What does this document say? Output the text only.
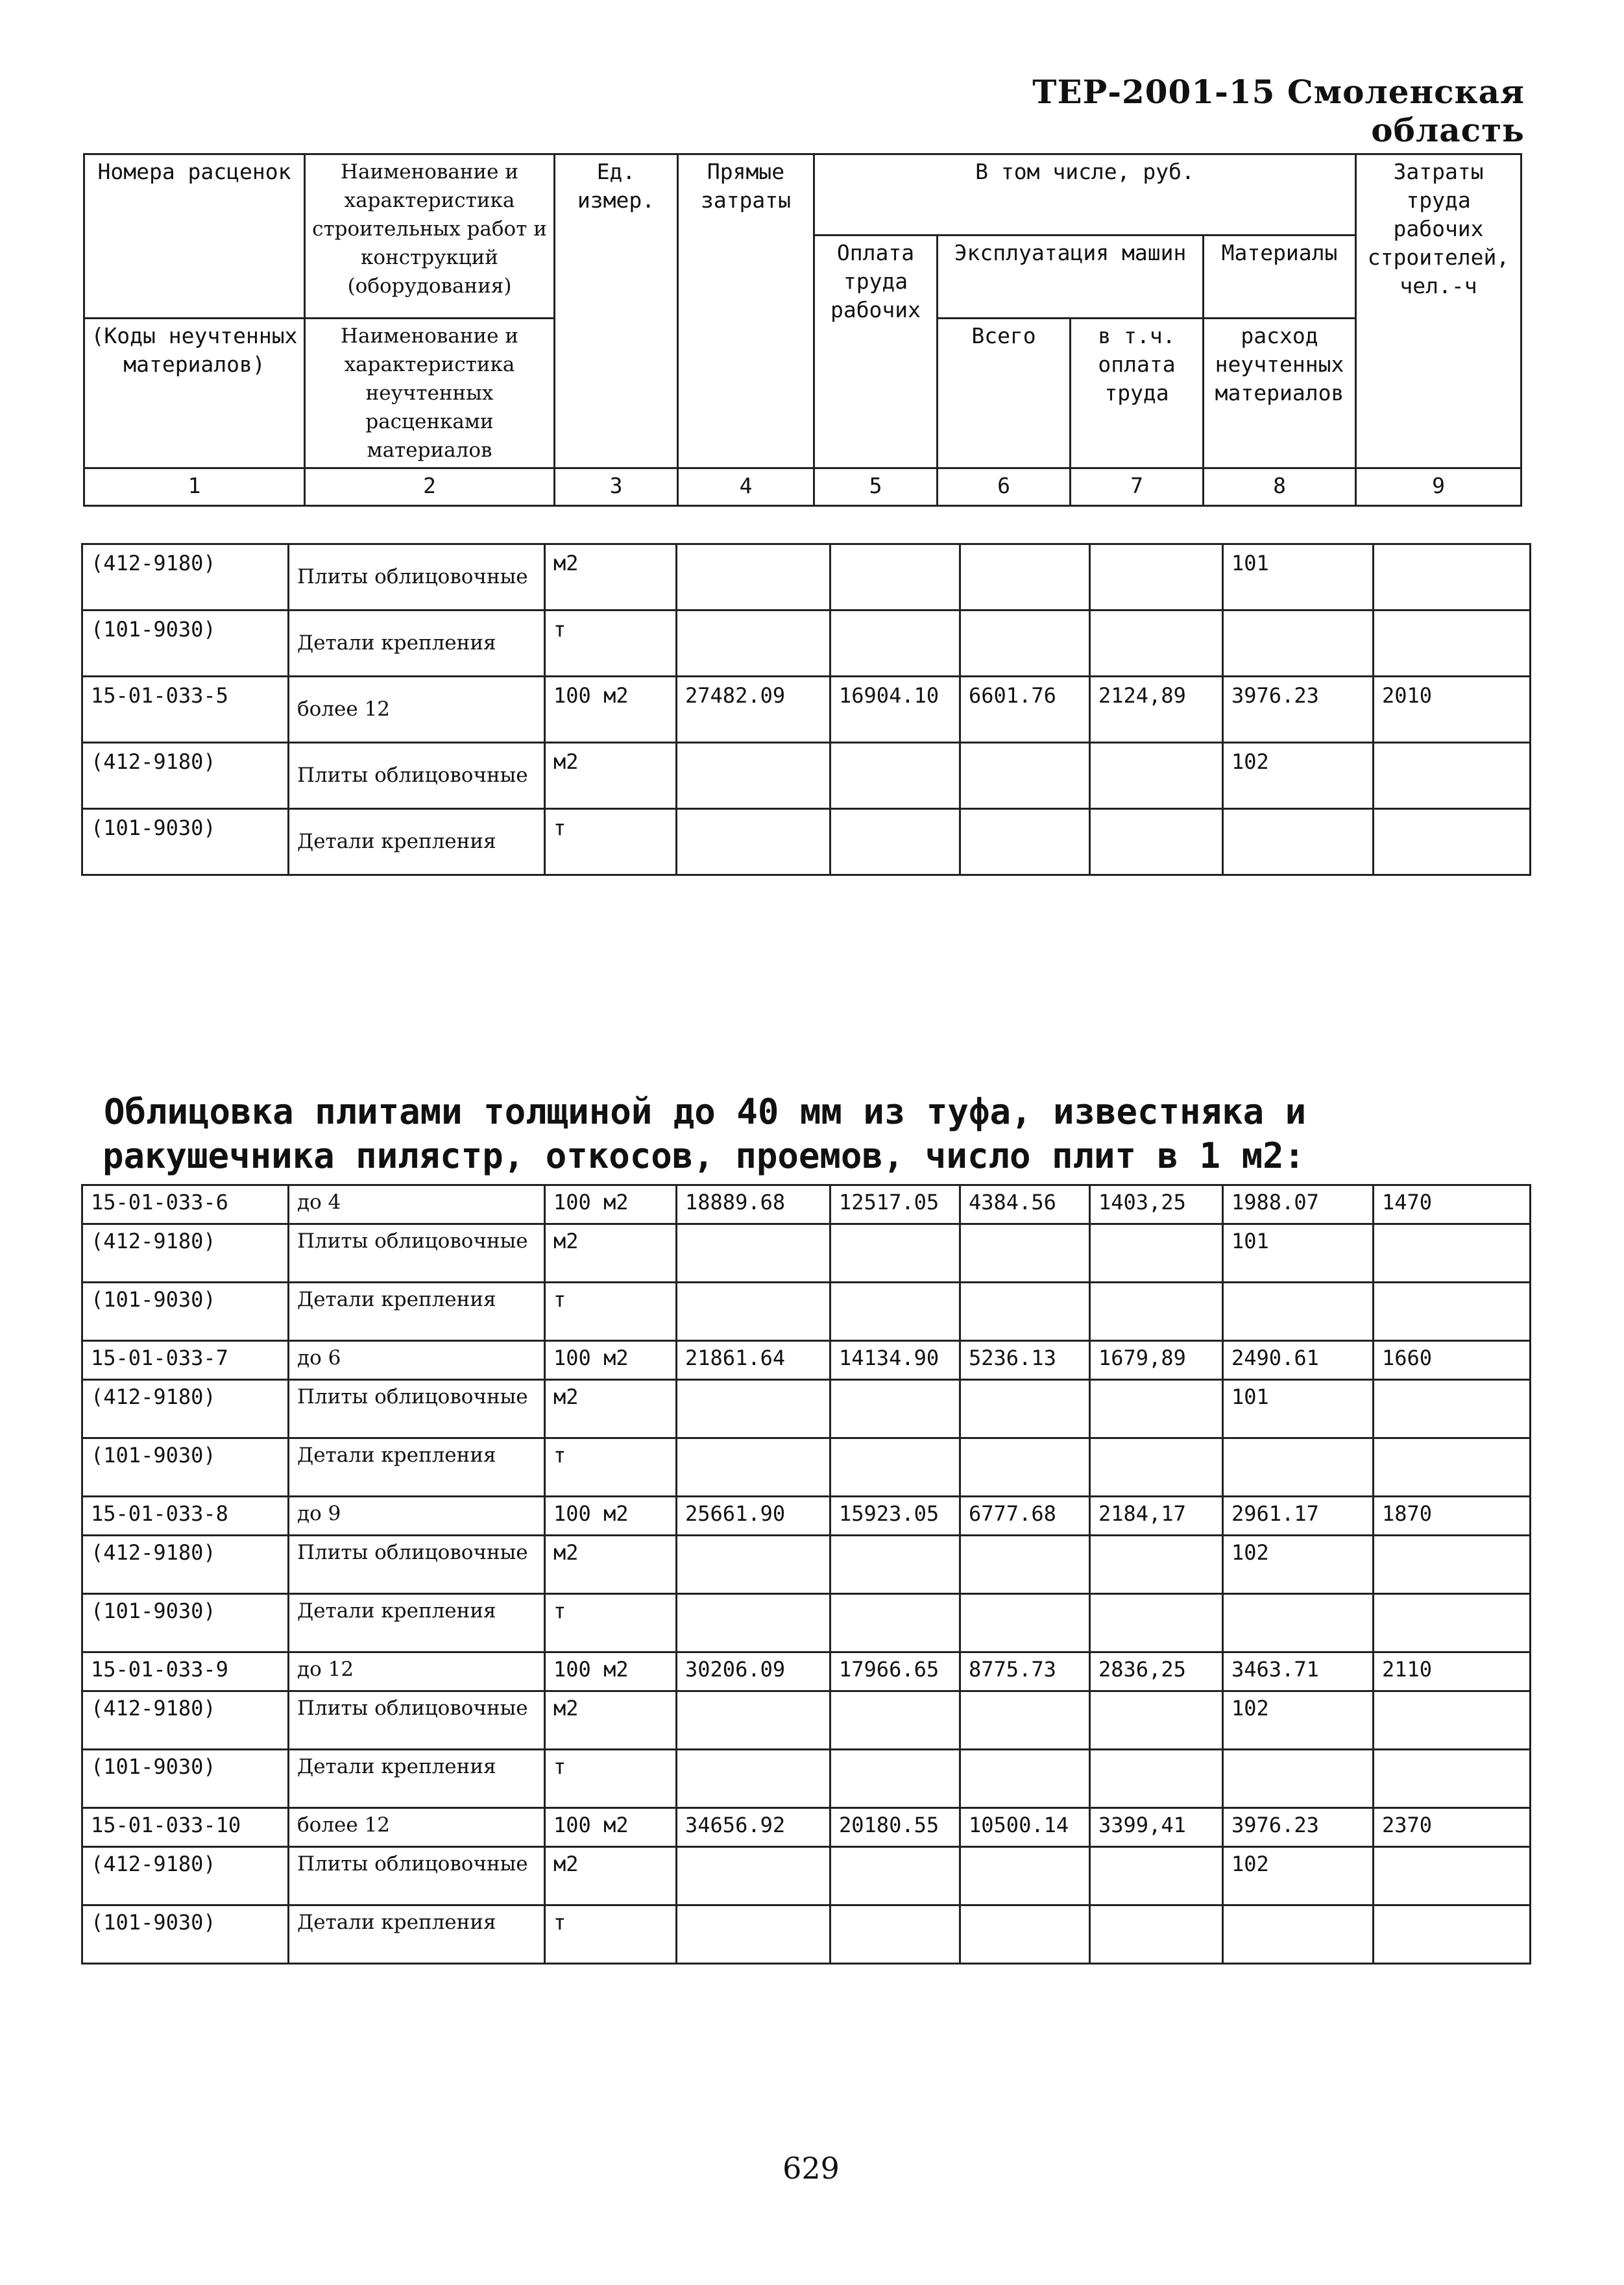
ТЕР-2001-15 Смоленская область
Номера расценок	Наименование и характеристика строительных работ и конструкций (оборудования)	Ед. измер.	Прямые затраты	В том числе, руб.				Затраты труда рабочих строителей, чел.-ч
				Оплата труда рабочих	Эксплуатация машин		Материалы	
(Коды неучтенных материалов)	Наименование и характеристика неучтенных расценками материалов				Всего	в т.ч. оплата труда	расход неучтенных материалов	
1	2	3	4	5	6	7	8	9
(412-9180)	Плиты облицовочные	м2					101	
(101-9030)	Детали крепления	т						
15-01-033-5	более 12	100 м2	27482.09	16904.10	6601.76	2124,89	3976.23	2010
(412-9180)	Плиты облицовочные	м2					102	
(101-9030)	Детали крепления	т						
Облицовка плитами толщиной до 40 мм из туфа, известняка и
ракушечника пилястр, откосов, проемов, число плит в 1 м2:
15-01-033-6	до 4	100 м2	18889.68	12517.05	4384.56	1403,25	1988.07	1470
(412-9180)	Плиты облицовочные	м2					101	
(101-9030)	Детали крепления	т						
15-01-033-7	до 6	100 м2	21861.64	14134.90	5236.13	1679,89	2490.61	1660
(412-9180)	Плиты облицовочные	м2					101	
(101-9030)	Детали крепления	т						
15-01-033-8	до 9	100 м2	25661.90	15923.05	6777.68	2184,17	2961.17	1870
(412-9180)	Плиты облицовочные	м2					102	
(101-9030)	Детали крепления	т						
15-01-033-9	до 12	100 м2	30206.09	17966.65	8775.73	2836,25	3463.71	2110
(412-9180)	Плиты облицовочные	м2					102	
(101-9030)	Детали крепления	т						
15-01-033-10	более 12	100 м2	34656.92	20180.55	10500.14	3399,41	3976.23	2370
(412-9180)	Плиты облицовочные	м2					102	
(101-9030)	Детали крепления	т						
629
